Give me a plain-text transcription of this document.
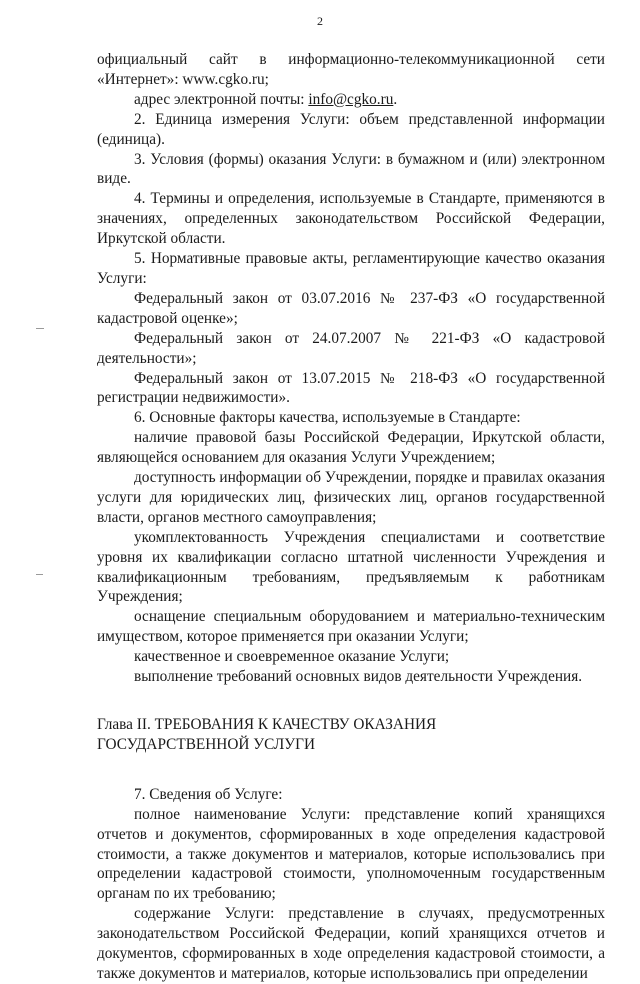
2

официальный сайт в информационно-телекоммуникационной сети «Интернет»: www.cgko.ru;

адрес электронной почты: info@cgko.ru.

2. Единица измерения Услуги: объем представленной информации (единица).

3. Условия (формы) оказания Услуги: в бумажном и (или) электронном виде.

4. Термины и определения, используемые в Стандарте, применяются в значениях, определенных законодательством Российской Федерации, Иркутской области.

5. Нормативные правовые акты, регламентирующие качество оказания Услуги:

Федеральный закон от 03.07.2016 № 237-ФЗ «О государственной кадастровой оценке»;

Федеральный закон от 24.07.2007 № 221-ФЗ «О кадастровой деятельности»;

Федеральный закон от 13.07.2015 № 218-ФЗ «О государственной регистрации недвижимости».

6. Основные факторы качества, используемые в Стандарте:

наличие правовой базы Российской Федерации, Иркутской области, являющейся основанием для оказания Услуги Учреждением;

доступность информации об Учреждении, порядке и правилах оказания услуги для юридических лиц, физических лиц, органов государственной власти, органов местного самоуправления;

укомплектованность Учреждения специалистами и соответствие уровня их квалификации согласно штатной численности Учреждения и квалификационным требованиям, предъявляемым к работникам Учреждения;

оснащение специальным оборудованием и материально-техническим имуществом, которое применяется при оказании Услуги;

качественное и своевременное оказание Услуги;

выполнение требований основных видов деятельности Учреждения.

Глава II. ТРЕБОВАНИЯ К КАЧЕСТВУ ОКАЗАНИЯ
ГОСУДАРСТВЕННОЙ УСЛУГИ

7. Сведения об Услуге:

полное наименование Услуги: представление копий хранящихся отчетов и документов, сформированных в ходе определения кадастровой стоимости, а также документов и материалов, которые использовались при определении кадастровой стоимости, уполномоченным государственным органам по их требованию;

содержание Услуги: представление в случаях, предусмотренных законодательством Российской Федерации, копий хранящихся отчетов и документов, сформированных в ходе определения кадастровой стоимости, а также документов и материалов, которые использовались при определении
